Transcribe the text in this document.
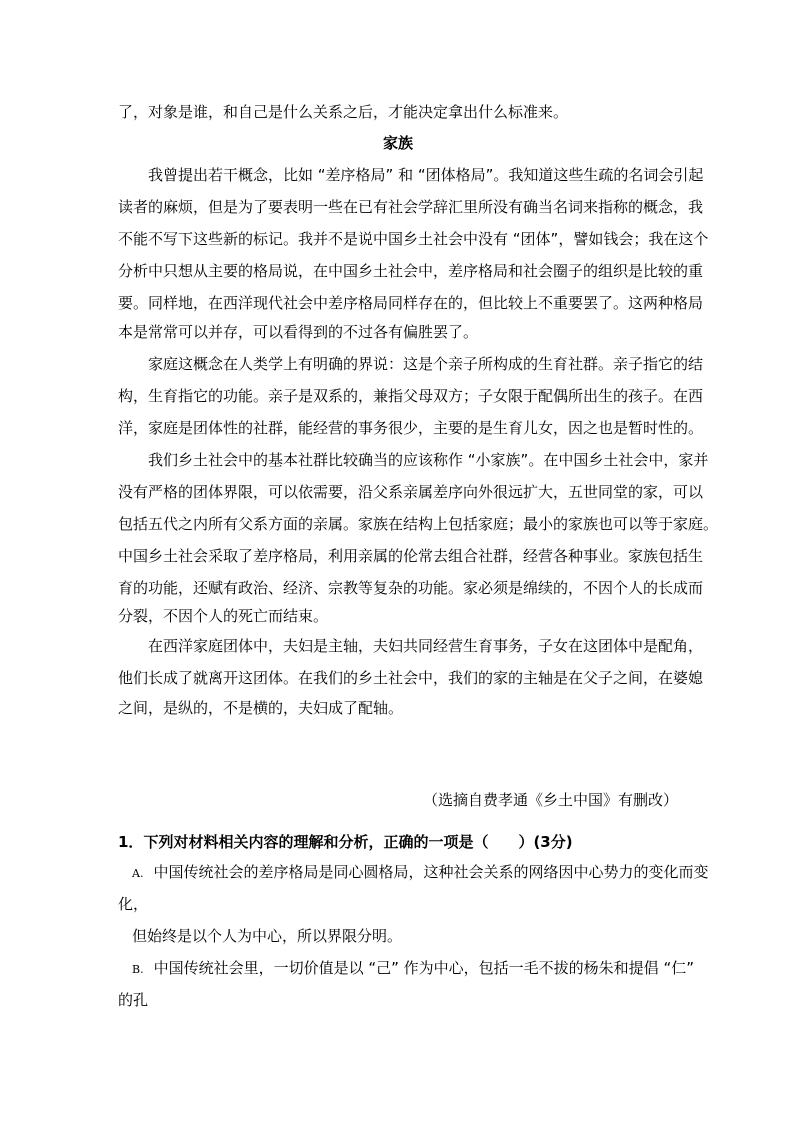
了，对象是谁，和自己是什么关系之后，才能决定拿出什么标准来。
家族
我曾提出若干概念，比如 “差序格局” 和 “团体格局”。我知道这些生疏的名词会引起
读者的麻烦，但是为了要表明一些在已有社会学辞汇里所没有确当名词来指称的概念，我
不能不写下这些新的标记。我并不是说中国乡土社会中没有 “团体”，譬如钱会；我在这个
分析中只想从主要的格局说，在中国乡土社会中，差序格局和社会圈子的组织是比较的重
要。同样地，在西洋现代社会中差序格局同样存在的，但比较上不重要罢了。这两种格局
本是常常可以并存，可以看得到的不过各有偏胜罢了。
家庭这概念在人类学上有明确的界说：这是个亲子所构成的生育社群。亲子指它的结
构，生育指它的功能。亲子是双系的，兼指父母双方；子女限于配偶所出生的孩子。在西
洋，家庭是团体性的社群，能经营的事务很少，主要的是生育儿女，因之也是暂时性的。
我们乡土社会中的基本社群比较确当的应该称作 “小家族”。在中国乡土社会中，家并
没有严格的团体界限，可以依需要，沿父系亲属差序向外很远扩大，五世同堂的家，可以
包括五代之内所有父系方面的亲属。家族在结构上包括家庭；最小的家族也可以等于家庭。
中国乡土社会采取了差序格局，利用亲属的伦常去组合社群，经营各种事业。家族包括生
育的功能，还赋有政治、经济、宗教等复杂的功能。家必须是绵续的，不因个人的长成而
分裂，不因个人的死亡而结束。
在西洋家庭团体中，夫妇是主轴，夫妇共同经营生育事务，子女在这团体中是配角，
他们长成了就离开这团体。在我们的乡土社会中，我们的家的主轴是在父子之间，在婆媳
之间，是纵的，不是横的，夫妇成了配轴。
（选摘自费孝通《乡土中国》有删改）
1．下列对材料相关内容的理解和分析，正确的一项是（　　）(3分)
A. 中国传统社会的差序格局是同心圆格局，这种社会关系的网络因中心势力的变化而变
化，
但始终是以个人为中心，所以界限分明。
B. 中国传统社会里，一切价值是以 “己” 作为中心，包括一毛不拔的杨朱和提倡 “仁”
的孔
